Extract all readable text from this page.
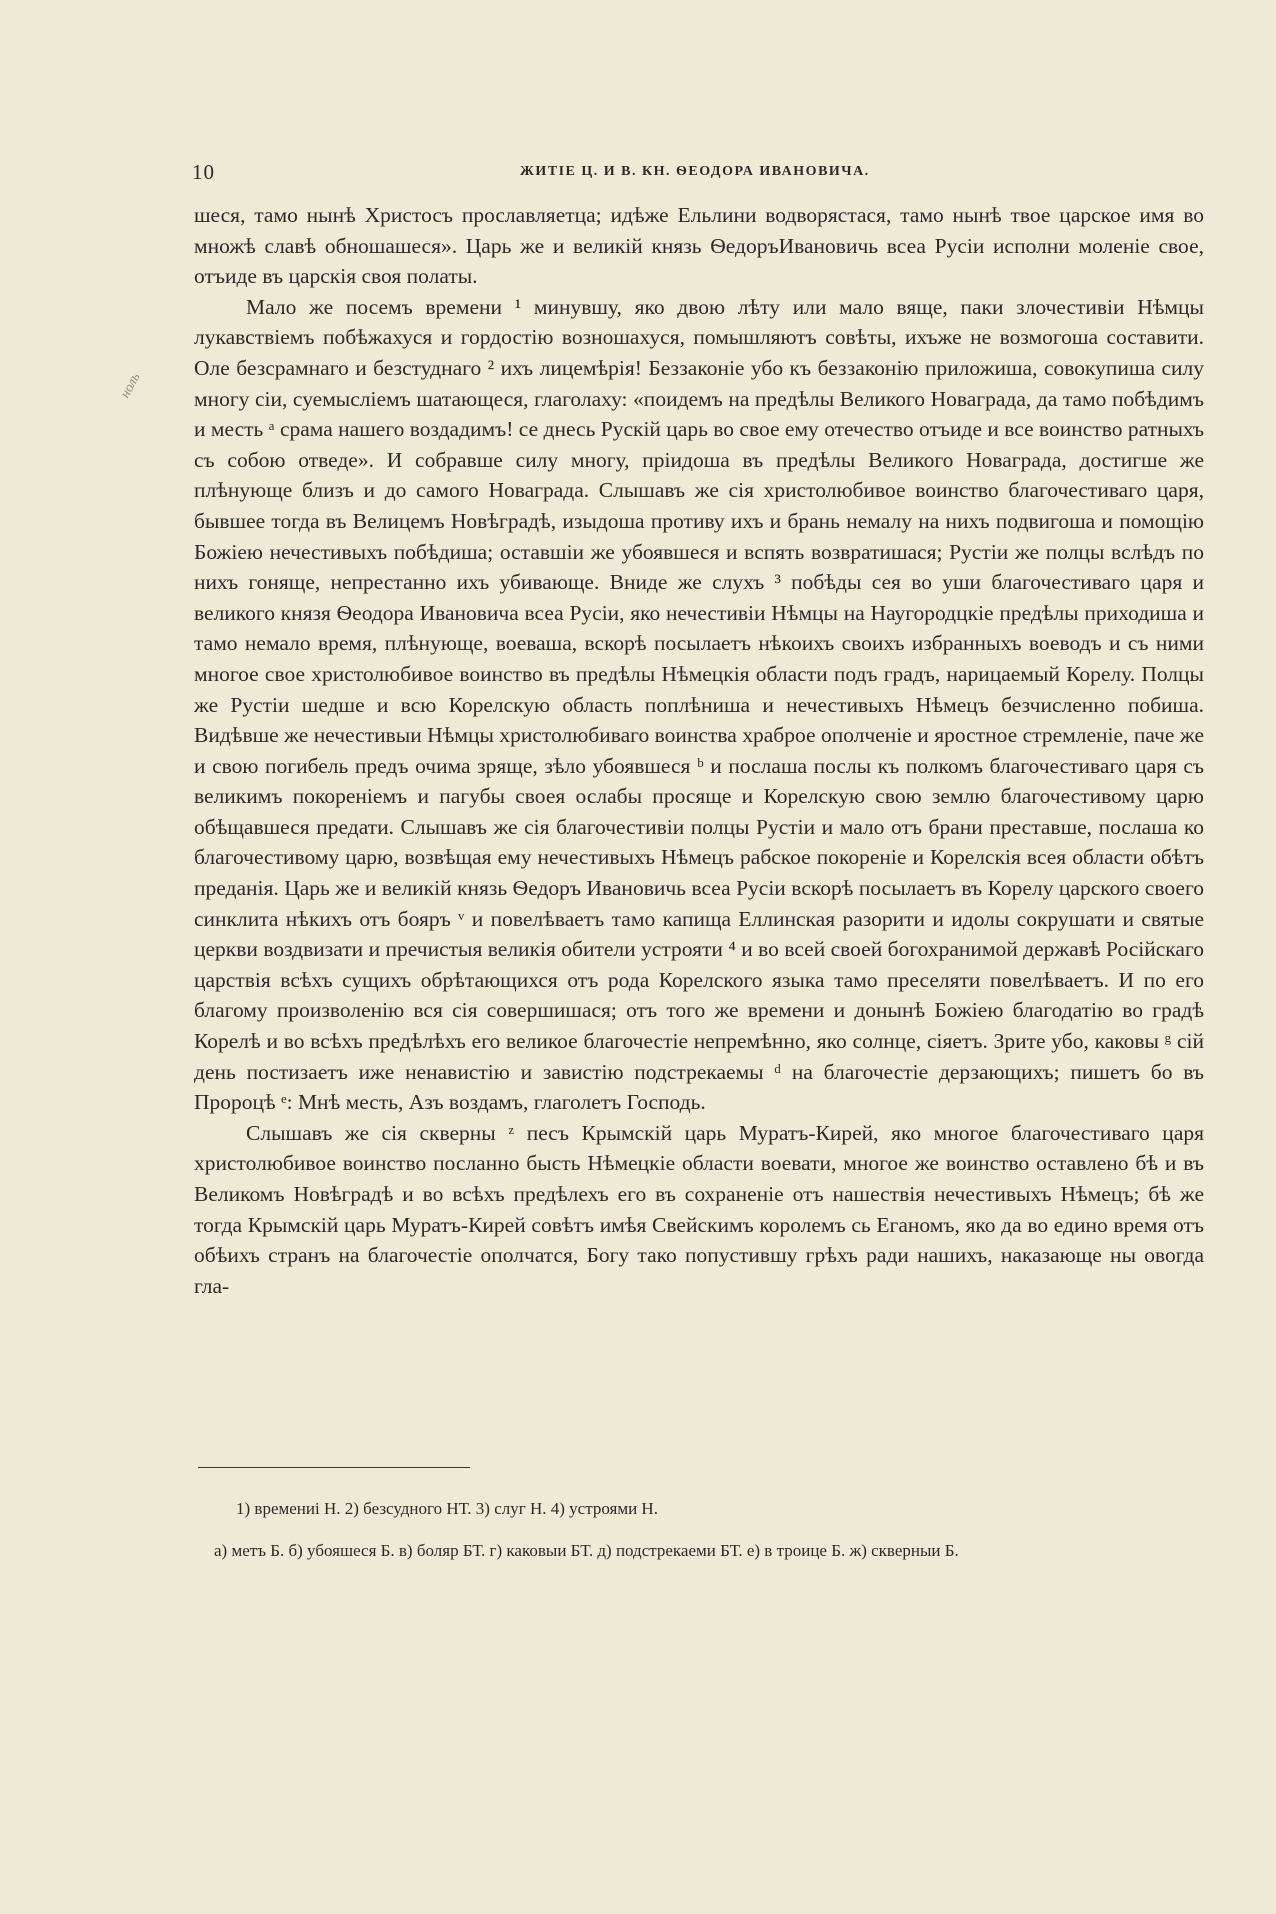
10	ЖИТІЕ Ц. И В. КН. ѲЕОДОРА ИВАНОВИЧА.
ноль

шеся, тамо нынѣ Христосъ прославляетца; идѣже Ельлини водворястася, тамо нынѣ твое царское имя во множѣ славѣ обношашеся». Царь же и великій князь ѲедоръИвановичь всеа Русіи исполни моленіе свое, отъиде въ царскія своя полаты.

Мало же посемъ времени ¹ минувшу, яко двою лѣту или мало вяще, паки злочестивіи Нѣмцы лукавствіемъ побѣжахуся и гордостію возношахуся, помышляютъ совѣты, ихъже не возмогоша составити. Оле безсрамнаго и безстуднаго ² ихъ лицемѣрія! Беззаконіе убо къ беззаконію приложиша, совокупиша силу многу сіи, суемысліемъ шатающеся, глаголаху: «поидемъ на предѣлы Великого Новаграда, да тамо побѣдимъ и месть ᵃ срама нашего воздадимъ! се днесь Рускій царь во свое ему отечество отъиде и все воинство ратныхъ съ собою отведе». И собравше силу многу, пріидоша въ предѣлы Великого Новаграда, достигше же плѣнующе близъ и до самого Новаграда. Слышавъ же сія христолюбивое воинство благочестиваго царя, бывшее тогда въ Велицемъ Новѣградѣ, изыдоша противу ихъ и брань немалу на нихъ подвигоша и помощію Божіею нечестивыхъ побѣдиша; оставшіи же убоявшеся и вспять возвратишася; Рустіи же полцы вслѣдъ по нихъ гоняще, непрестанно ихъ убивающе. Вниде же слухъ ³ побѣды сея во уши благочестиваго царя и великого князя Ѳеодора Ивановича всеа Русіи, яко нечестивіи Нѣмцы на Наугородцкіе предѣлы приходиша и тамо немало время, плѣнующе, воеваша, вскорѣ посылаетъ нѣкоихъ своихъ избранныхъ воеводъ и съ ними многое свое христолюбивое воинство въ предѣлы Нѣмецкія области подъ градъ, нарицаемый Корелу. Полцы же Рустіи шедше и всю Корелскую область поплѣниша и нечестивыхъ Нѣмецъ безчисленно побиша. Видѣвше же нечестивыи Нѣмцы христолюбиваго воинства храброе ополченіе и яростное стремленіе, паче же и свою погибель предъ очима зряще, зѣло убоявшеся ᵇ и послаша послы къ полкомъ благочестиваго царя съ великимъ покореніемъ и пагубы своея ослабы просяще и Корелскую свою землю благочестивому царю обѣщавшеся предати. Слышавъ же сія благочестивіи полцы Рустіи и мало отъ брани преставше, послаша ко благочестивому царю, возвѣщая ему нечестивыхъ Нѣмецъ рабское покореніе и Корелскія всея области обѣтъ преданія. Царь же и великій князь Ѳедоръ Ивановичь всеа Русіи вскорѣ посылаетъ въ Корелу царского своего синклита нѣкихъ отъ бояръ ᵛ и повелѣваетъ тамо капища Еллинская разорити и идолы сокрушати и святые церкви воздвизати и пречистыя великія обители устрояти ⁴ и во всей своей богохранимой державѣ Російскаго царствія всѣхъ сущихъ обрѣтающихся отъ рода Корелского языка тамо преселяти повелѣваетъ. И по его благому произволенію вся сія совершишася; отъ того же времени и донынѣ Божіею благодатію во градѣ Корелѣ и во всѣхъ предѣлѣхъ его великое благочестіе непремѣнно, яко солнце, сіяетъ. Зрите убо, каковы ᵍ сій день постизаетъ иже ненавистію и завистію подстрекаемы ᵈ на благочестіе дерзающихъ; пишетъ бо въ Пророцѣ ᵉ: Мнѣ месть, Азъ воздамъ, глаголетъ Господь.

Слышавъ же сія скверны ᶻ песъ Крымскій царь Муратъ-Кирей, яко многое благочестиваго царя христолюбивое воинство посланно бысть Нѣмецкіе области воевати, многое же воинство оставлено бѣ и въ Великомъ Новѣградѣ и во всѣхъ предѣлехъ его въ сохраненіе отъ нашествія нечестивыхъ Нѣмецъ; бѣ же тогда Крымскій царь Муратъ-Кирей совѣтъ имѣя Свейскимъ королемъ сь Еганомъ, яко да во едино время отъ обѣихъ странъ на благочестіе ополчатся, Богу тако попустившу грѣхъ ради нашихъ, наказающе ны овогда гла-

1) времениі Н. 2) безсудного НТ. 3) слуг Н. 4) устроями Н.
а) метъ Б. б) убояшеся Б. в) боляр БТ. г) каковыи БТ. д) подстрекаеми БТ. е) в троице Б. ж) скверныи Б.
